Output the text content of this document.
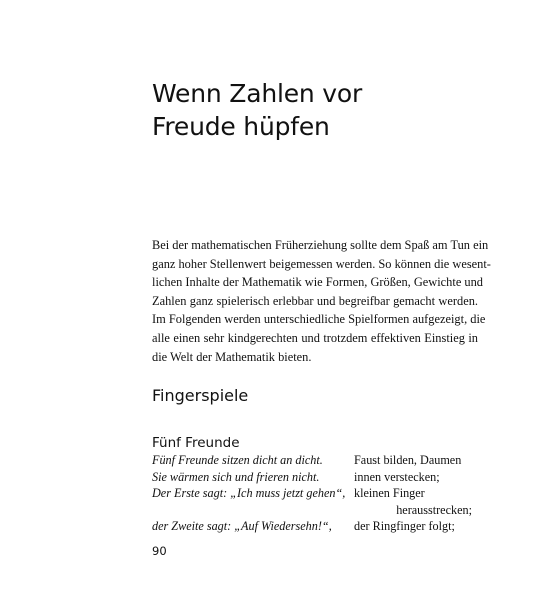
Wenn Zahlen vor
Freude hüpfen
Bei der mathematischen Früherziehung sollte dem Spaß am Tun ein
ganz hoher Stellenwert beigemessen werden. So können die wesent-
lichen Inhalte der Mathematik wie Formen, Größen, Gewichte und
Zahlen ganz spielerisch erlebbar und begreifbar gemacht werden.
Im Folgenden werden unterschiedliche Spielformen aufgezeigt, die
alle einen sehr kindgerechten und trotzdem effektiven Einstieg in
die Welt der Mathematik bieten.
Fingerspiele
Fünf Freunde
Fünf Freunde sitzen dicht an dicht.
Sie wärmen sich und frieren nicht.
Der Erste sagt: „Ich muss jetzt gehen“,

der Zweite sagt: „Auf Wiedersehn!“,
Faust bilden, Daumen
innen verstecken;
kleinen Finger
herausstrecken;
der Ringfinger folgt;
90
